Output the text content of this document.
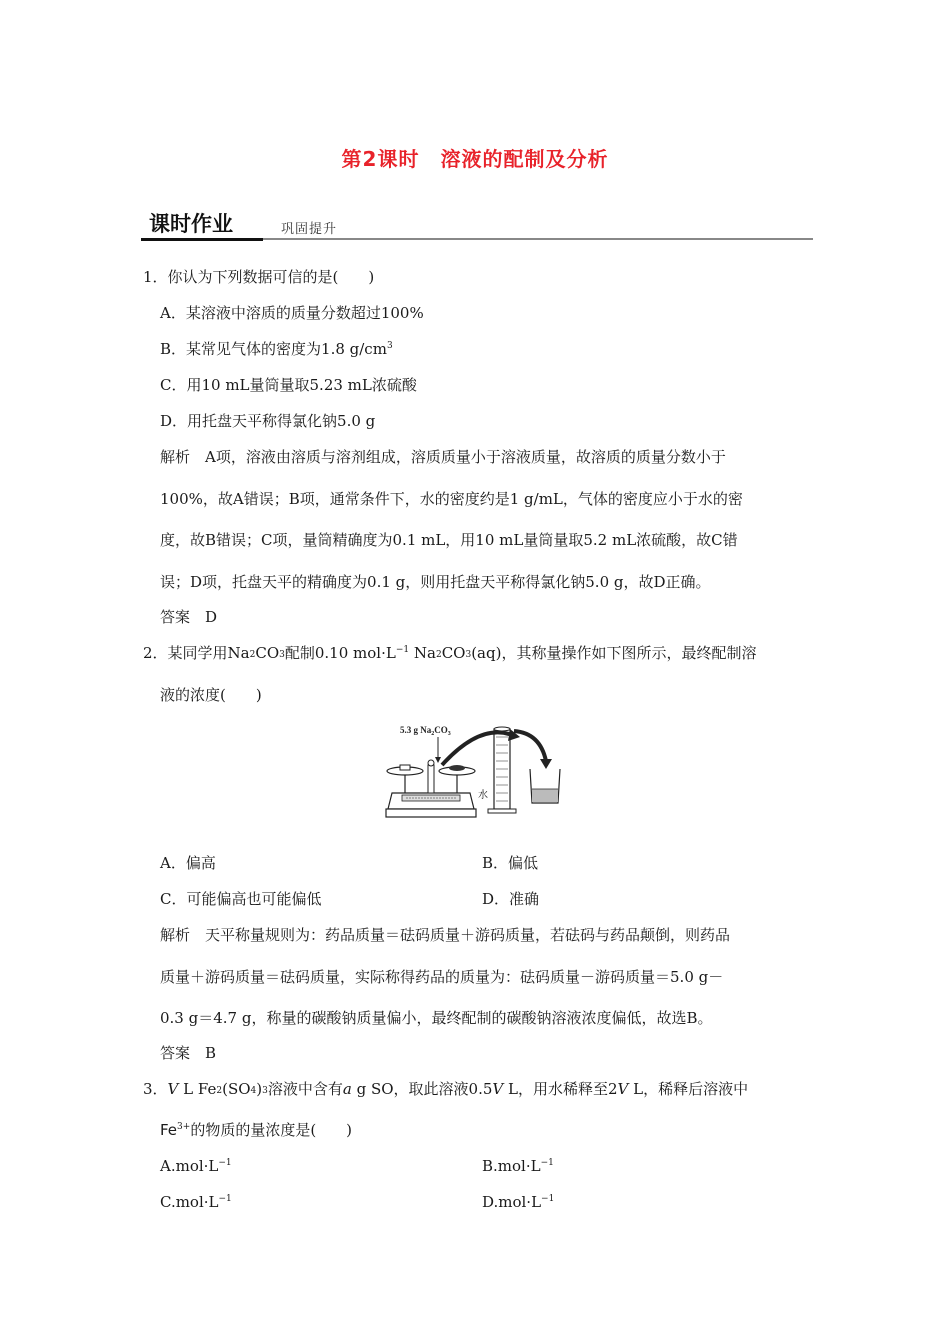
第2课时　溶液的配制及分析
课时作业	巩固提升
1．你认为下列数据可信的是(　　)
A．某溶液中溶质的质量分数超过100%
B．某常见气体的密度为1.8 $g/cm^3$
C．用10 mL量筒量取5.23 mL浓硫酸
D．用托盘天平称得氯化钠5.0 g
解析　A项，溶液由溶质与溶剂组成，溶质质量小于溶液质量，故溶质的质量分数小于
100%，故A错误；B项，通常条件下，水的密度约是1 g/mL，气体的密度应小于水的密
度，故B错误；C项，量筒精确度为0.1 mL，用10 mL量筒量取5.2 mL浓硫酸，故C错
误；D项，托盘天平的精确度为0.1 g，则用托盘天平称得氯化钠5.0 g，故D正确。
答案　D
2．某同学用$Na_2CO_3$配制0.10 $mol\cdot L^{-1}$ $Na_2CO_3(aq)$，其称量操作如下图所示，最终配制溶
液的浓度(　　)
5.3 g $Na_2CO_3$
水
A．偏高	B．偏低
C．可能偏高也可能偏低	D．准确
解析　天平称量规则为：药品质量＝砝码质量＋游码质量，若砝码与药品颠倒，则药品
质量＋游码质量＝砝码质量，实际称得药品的质量为：砝码质量－游码质量＝5.0 g－
0.3 g＝4.7 g，称量的碳酸钠质量偏小，最终配制的碳酸钠溶液浓度偏低，故选B。
答案　B
3．V L $Fe_2(SO_4)_3$溶液中含有a g SO，取此溶液0.5V L，用水稀释至2V L，稀释后溶液中
$Fe^{3+}$的物质的量浓度是(　　)
$A.mol\cdot L^{-1}$	$B.mol\cdot L^{-1}$
$C.mol\cdot L^{-1}$	$D.mol\cdot L^{-1}$
